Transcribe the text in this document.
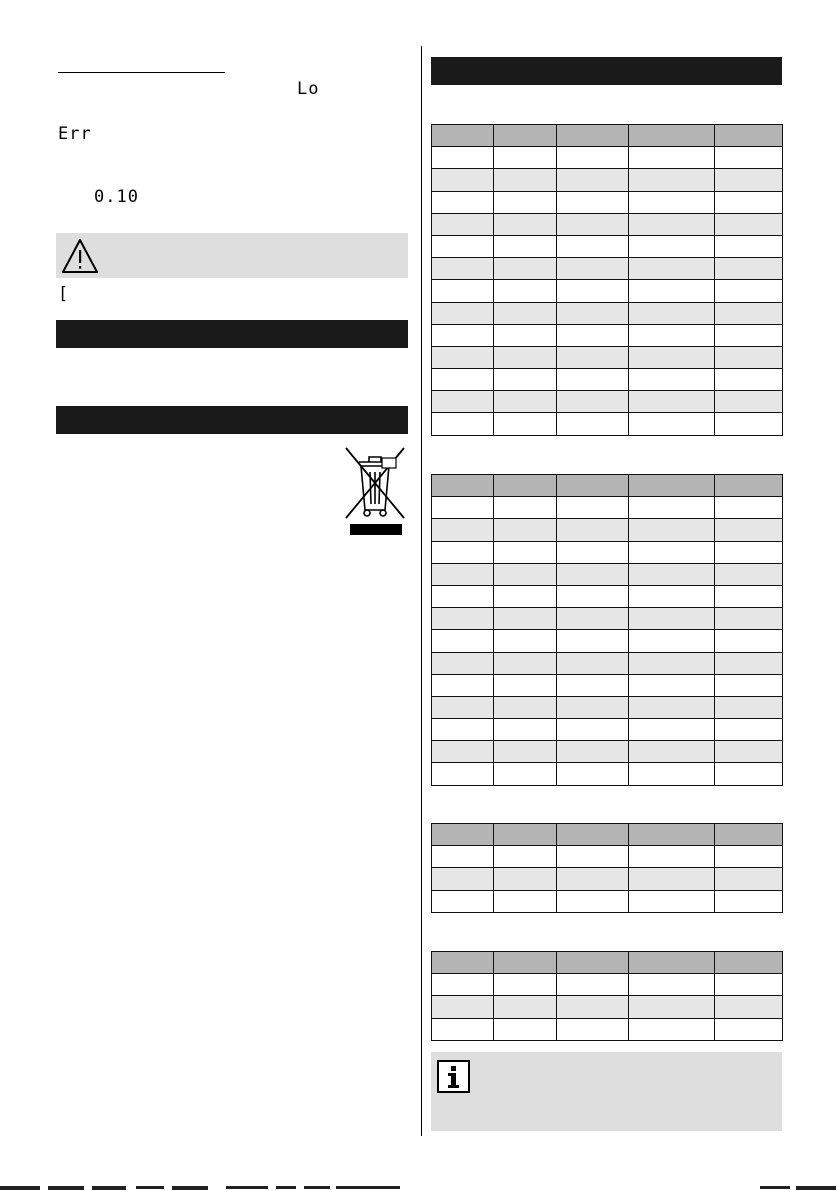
Lo
Err
0.10
[
